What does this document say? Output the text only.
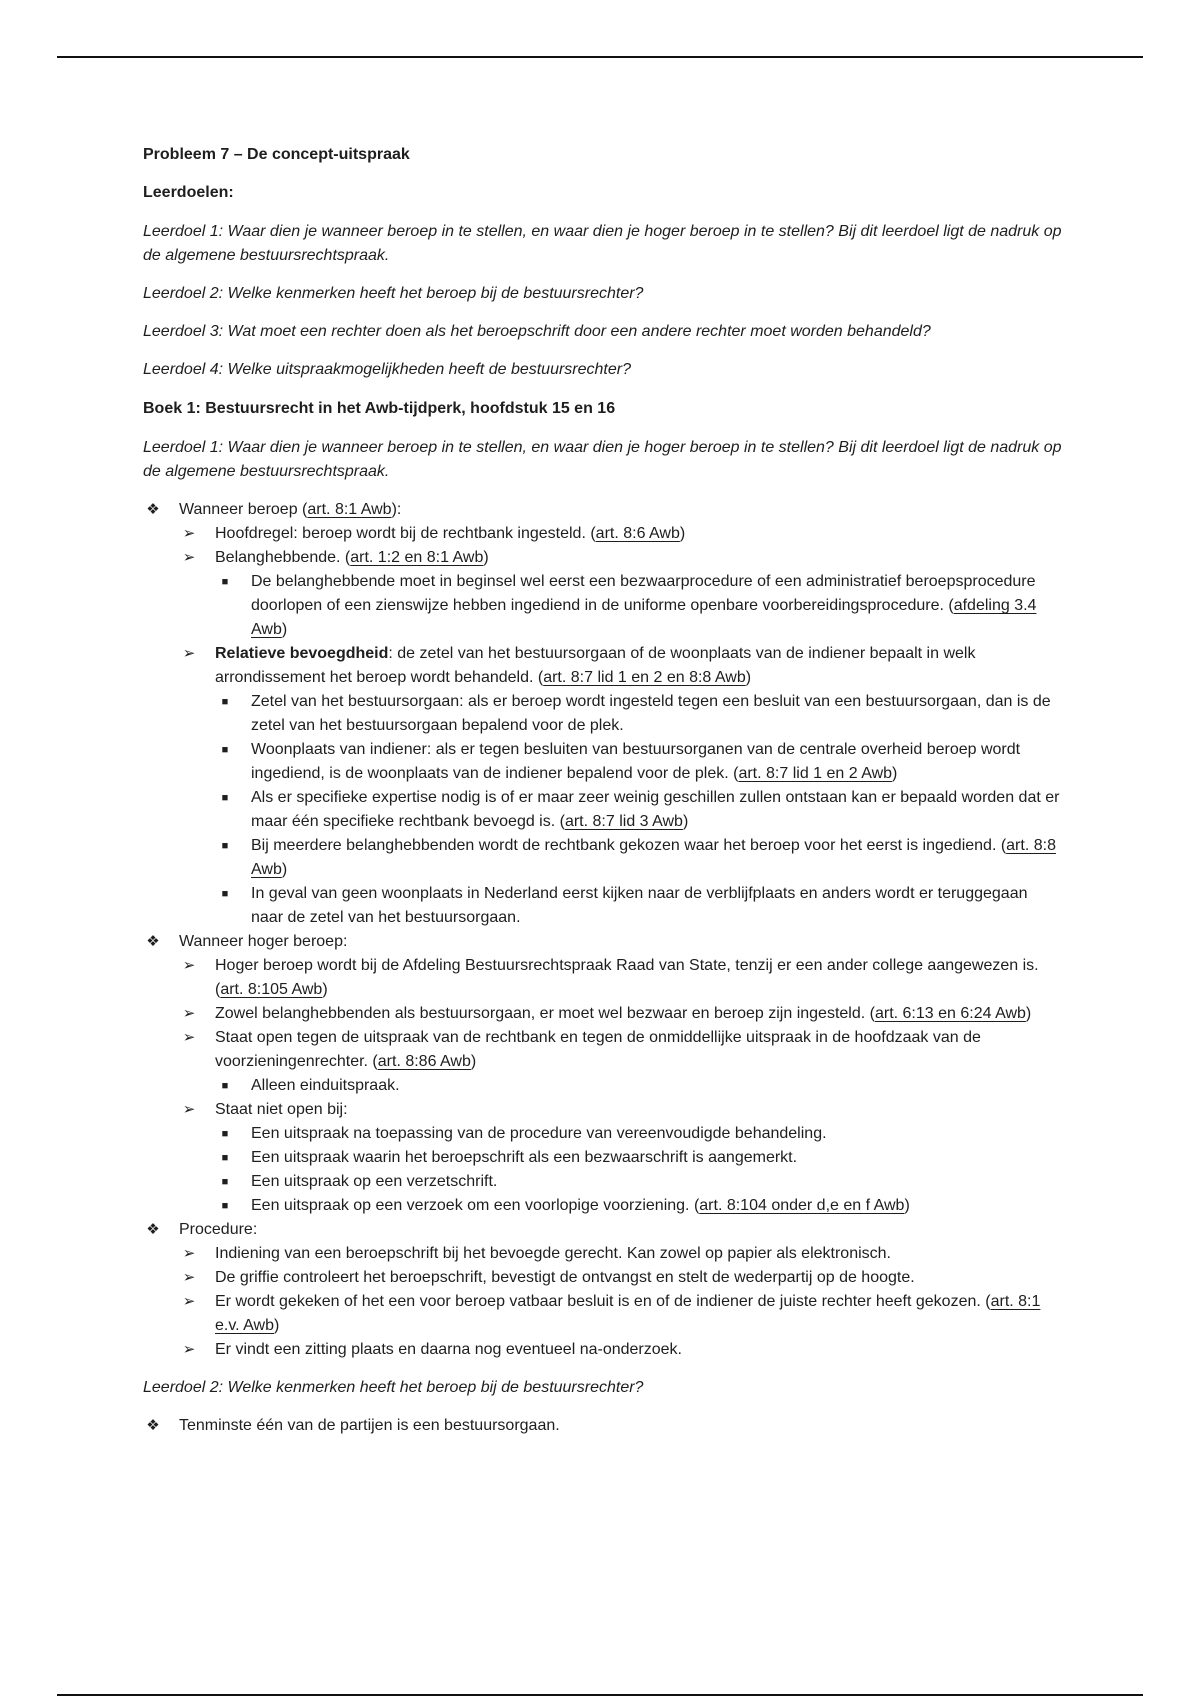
Probleem 7 – De concept-uitspraak

Leerdoelen:

Leerdoel 1: Waar dien je wanneer beroep in te stellen, en waar dien je hoger beroep in te stellen? Bij dit leerdoel ligt de nadruk op de algemene bestuursrechtspraak.

Leerdoel 2: Welke kenmerken heeft het beroep bij de bestuursrechter?

Leerdoel 3: Wat moet een rechter doen als het beroepschrift door een andere rechter moet worden behandeld?

Leerdoel 4: Welke uitspraakmogelijkheden heeft de bestuursrechter?

Boek 1: Bestuursrecht in het Awb-tijdperk, hoofdstuk 15 en 16

Leerdoel 1: Waar dien je wanneer beroep in te stellen, en waar dien je hoger beroep in te stellen? Bij dit leerdoel ligt de nadruk op de algemene bestuursrechtspraak.

❖ Wanneer beroep (art. 8:1 Awb):
➢ Hoofdregel: beroep wordt bij de rechtbank ingesteld. (art. 8:6 Awb)
➢ Belanghebbende. (art. 1:2 en 8:1 Awb)
■	De belanghebbende moet in beginsel wel eerst een bezwaarprocedure of een administratief beroepsprocedure doorlopen of een zienswijze hebben ingediend in de uniforme openbare voorbereidingsprocedure. (afdeling 3.4 Awb)
➢ Relatieve bevoegdheid: de zetel van het bestuursorgaan of de woonplaats van de indiener bepaalt in welk arrondissement het beroep wordt behandeld. (art. 8:7 lid 1 en 2 en 8:8 Awb)
■	Zetel van het bestuursorgaan: als er beroep wordt ingesteld tegen een besluit van een bestuursorgaan, dan is de zetel van het bestuursorgaan bepalend voor de plek.
■	Woonplaats van indiener: als er tegen besluiten van bestuursorganen van de centrale overheid beroep wordt ingediend, is de woonplaats van de indiener bepalend voor de plek. (art. 8:7 lid 1 en 2 Awb)
■	Als er specifieke expertise nodig is of er maar zeer weinig geschillen zullen ontstaan kan er bepaald worden dat er maar één specifieke rechtbank bevoegd is. (art. 8:7 lid 3 Awb)
■	Bij meerdere belanghebbenden wordt de rechtbank gekozen waar het beroep voor het eerst is ingediend. (art. 8:8 Awb)
■	In geval van geen woonplaats in Nederland eerst kijken naar de verblijfplaats en anders wordt er teruggegaan naar de zetel van het bestuursorgaan.
❖ Wanneer hoger beroep:
➢ Hoger beroep wordt bij de Afdeling Bestuursrechtspraak Raad van State, tenzij er een ander college aangewezen is. (art. 8:105 Awb)
➢ Zowel belanghebbenden als bestuursorgaan, er moet wel bezwaar en beroep zijn ingesteld. (art. 6:13 en 6:24 Awb)
➢ Staat open tegen de uitspraak van de rechtbank en tegen de onmiddellijke uitspraak in de hoofdzaak van de voorzieningenrechter. (art. 8:86 Awb)
■	Alleen einduitspraak.
➢ Staat niet open bij:
■	Een uitspraak na toepassing van de procedure van vereenvoudigde behandeling.
■	Een uitspraak waarin het beroepschrift als een bezwaarschrift is aangemerkt.
■	Een uitspraak op een verzetschrift.
■	Een uitspraak op een verzoek om een voorlopige voorziening. (art. 8:104 onder d,e en f Awb)
❖ Procedure:
➢ Indiening van een beroepschrift bij het bevoegde gerecht. Kan zowel op papier als elektronisch.
➢ De griffie controleert het beroepschrift, bevestigt de ontvangst en stelt de wederpartij op de hoogte.
➢ Er wordt gekeken of het een voor beroep vatbaar besluit is en of de indiener de juiste rechter heeft gekozen. (art. 8:1 e.v. Awb)
➢ Er vindt een zitting plaats en daarna nog eventueel na-onderzoek.

Leerdoel 2: Welke kenmerken heeft het beroep bij de bestuursrechter?

❖ Tenminste één van de partijen is een bestuursorgaan.
